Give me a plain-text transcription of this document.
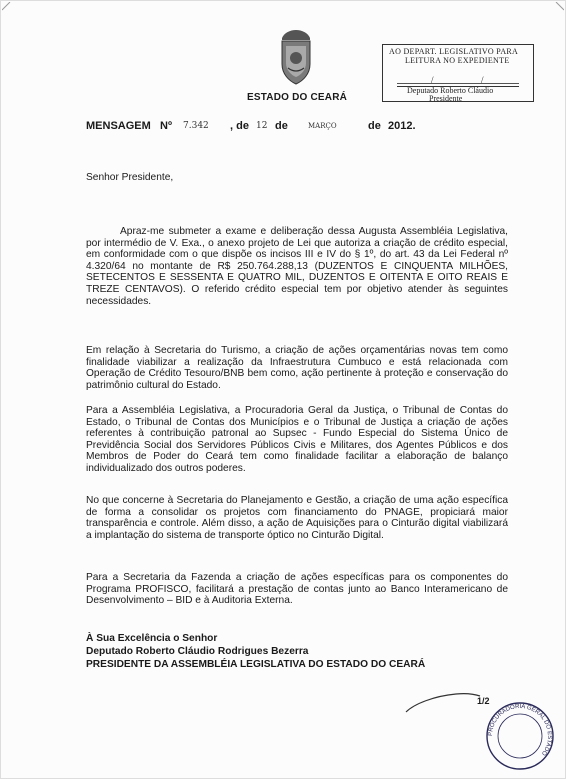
ESTADO DO CEARÁ
AO DEPART. LEGISLATIVO PARA
LEITURA NO EXPEDIENTE
/	/
Deputado Roberto Cláudio
Presidente
MENSAGEM Nº 7.342 , de 12 de	MARÇO	de 2012.
Senhor Presidente,
Apraz-me submeter a exame e deliberação dessa Augusta Assembléia Legislativa, por intermédio de V. Exa., o anexo projeto de Lei que autoriza a criação de crédito especial, em conformidade com o que dispõe os incisos III e IV do § 1º, do art. 43 da Lei Federal nº 4.320/64 no montante de R$ 250.764.288,13 (DUZENTOS E CINQUENTA MILHÕES, SETECENTOS E SESSENTA E QUATRO MIL, DUZENTOS E OITENTA E OITO REAIS E TREZE CENTAVOS). O referido crédito especial tem por objetivo atender às seguintes necessidades.
Em relação à Secretaria do Turismo, a criação de ações orçamentárias novas tem como finalidade viabilizar a realização da Infraestrutura Cumbuco e está relacionada com Operação de Crédito Tesouro/BNB bem como, ação pertinente à proteção e conservação do patrimônio cultural do Estado.
Para a Assembléia Legislativa, a Procuradoria Geral da Justiça, o Tribunal de Contas do Estado, o Tribunal de Contas dos Municípios e o Tribunal de Justiça a criação de ações referentes à contribuição patronal ao Supsec - Fundo Especial do Sistema Único de Previdência Social dos Servidores Públicos Civis e Militares, dos Agentes Públicos e dos Membros de Poder do Ceará tem como finalidade facilitar a elaboração de balanço individualizado dos outros poderes.
No que concerne à Secretaria do Planejamento e Gestão, a criação de uma ação específica de forma a consolidar os projetos com financiamento do PNAGE, propiciará maior transparência e controle. Além disso, a ação de Aquisições para o Cinturão digital viabilizará a implantação do sistema de transporte óptico no Cinturão Digital.
Para a Secretaria da Fazenda a criação de ações específicas para os componentes do Programa PROFISCO, facilitará a prestação de contas junto ao Banco Interamericano de Desenvolvimento – BID e à Auditoria Externa.
À Sua Excelência o Senhor
Deputado Roberto Cláudio Rodrigues Bezerra
PRESIDENTE DA ASSEMBLÉIA LEGISLATIVA DO ESTADO DO CEARÁ
1/2
PROCURADORIA GERAL DO ESTADO
